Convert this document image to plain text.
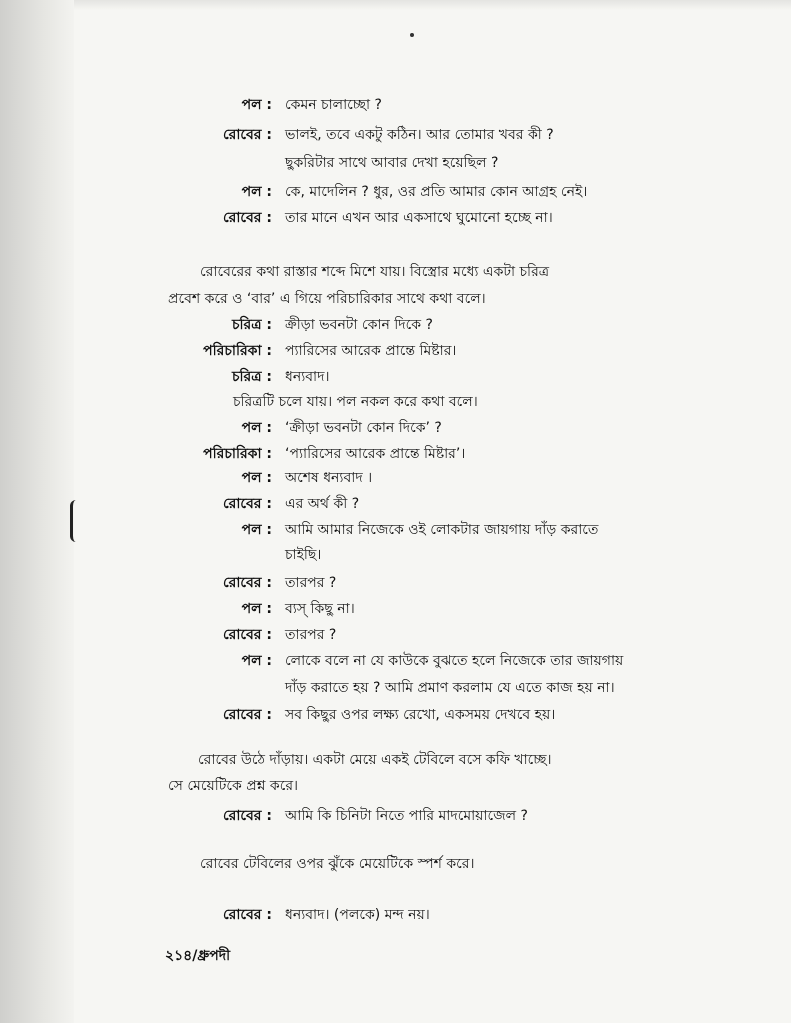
পল : কেমন চালাচ্ছো ?
রোবের : ভালই, তবে একটু কঠিন। আর তোমার খবর কী ?
ছুকরিটার সাথে আবার দেখা হয়েছিল ?
পল : কে, মাদেলিন ? ধুর, ওর প্রতি আমার কোন আগ্রহ নেই।
রোবের : তার মানে এখন আর একসাথে ঘুমোনো হচ্ছে না।
রোবেরের কথা রাস্তার শব্দে মিশে যায়। বিস্ত্রোর মধ্যে একটা চরিত্র
প্রবেশ করে ও ‘বার’ এ গিয়ে পরিচারিকার সাথে কথা বলে।
চরিত্র : ক্রীড়া ভবনটা কোন দিকে ?
পরিচারিকা : প্যারিসের আরেক প্রান্তে মিষ্টার।
চরিত্র : ধন্যবাদ।
চরিত্রটি চলে যায়। পল নকল করে কথা বলে।
পল : ‘ক্রীড়া ভবনটা কোন দিকে’ ?
পরিচারিকা : ‘প্যারিসের আরেক প্রান্তে মিষ্টার’।
পল : অশেষ ধন্যবাদ ।
রোবের : এর অর্থ কী ?
পল : আমি আমার নিজেকে ওই লোকটার জায়গায় দাঁড় করাতে
চাইছি।
রোবের : তারপর ?
পল : ব্যস্‌ কিছু না।
রোবের : তারপর ?
পল : লোকে বলে না যে কাউকে বুঝতে হলে নিজেকে তার জায়গায়
দাঁড় করাতে হয় ? আমি প্রমাণ করলাম যে এতে কাজ হয় না।
রোবের : সব কিছুর ওপর লক্ষ্য রেখো, একসময় দেখবে হয়।
রোবের উঠে দাঁড়ায়। একটা মেয়ে একই টেবিলে বসে কফি খাচ্ছে।
সে মেয়েটিকে প্রশ্ন করে।
রোবের : আমি কি চিনিটা নিতে পারি মাদমোয়াজেল ?
রোবের টেবিলের ওপর ঝুঁকে মেয়েটিকে স্পর্শ করে।
রোবের : ধন্যবাদ। (পলকে) মন্দ নয়।
২১৪/ধ্রুপদী
